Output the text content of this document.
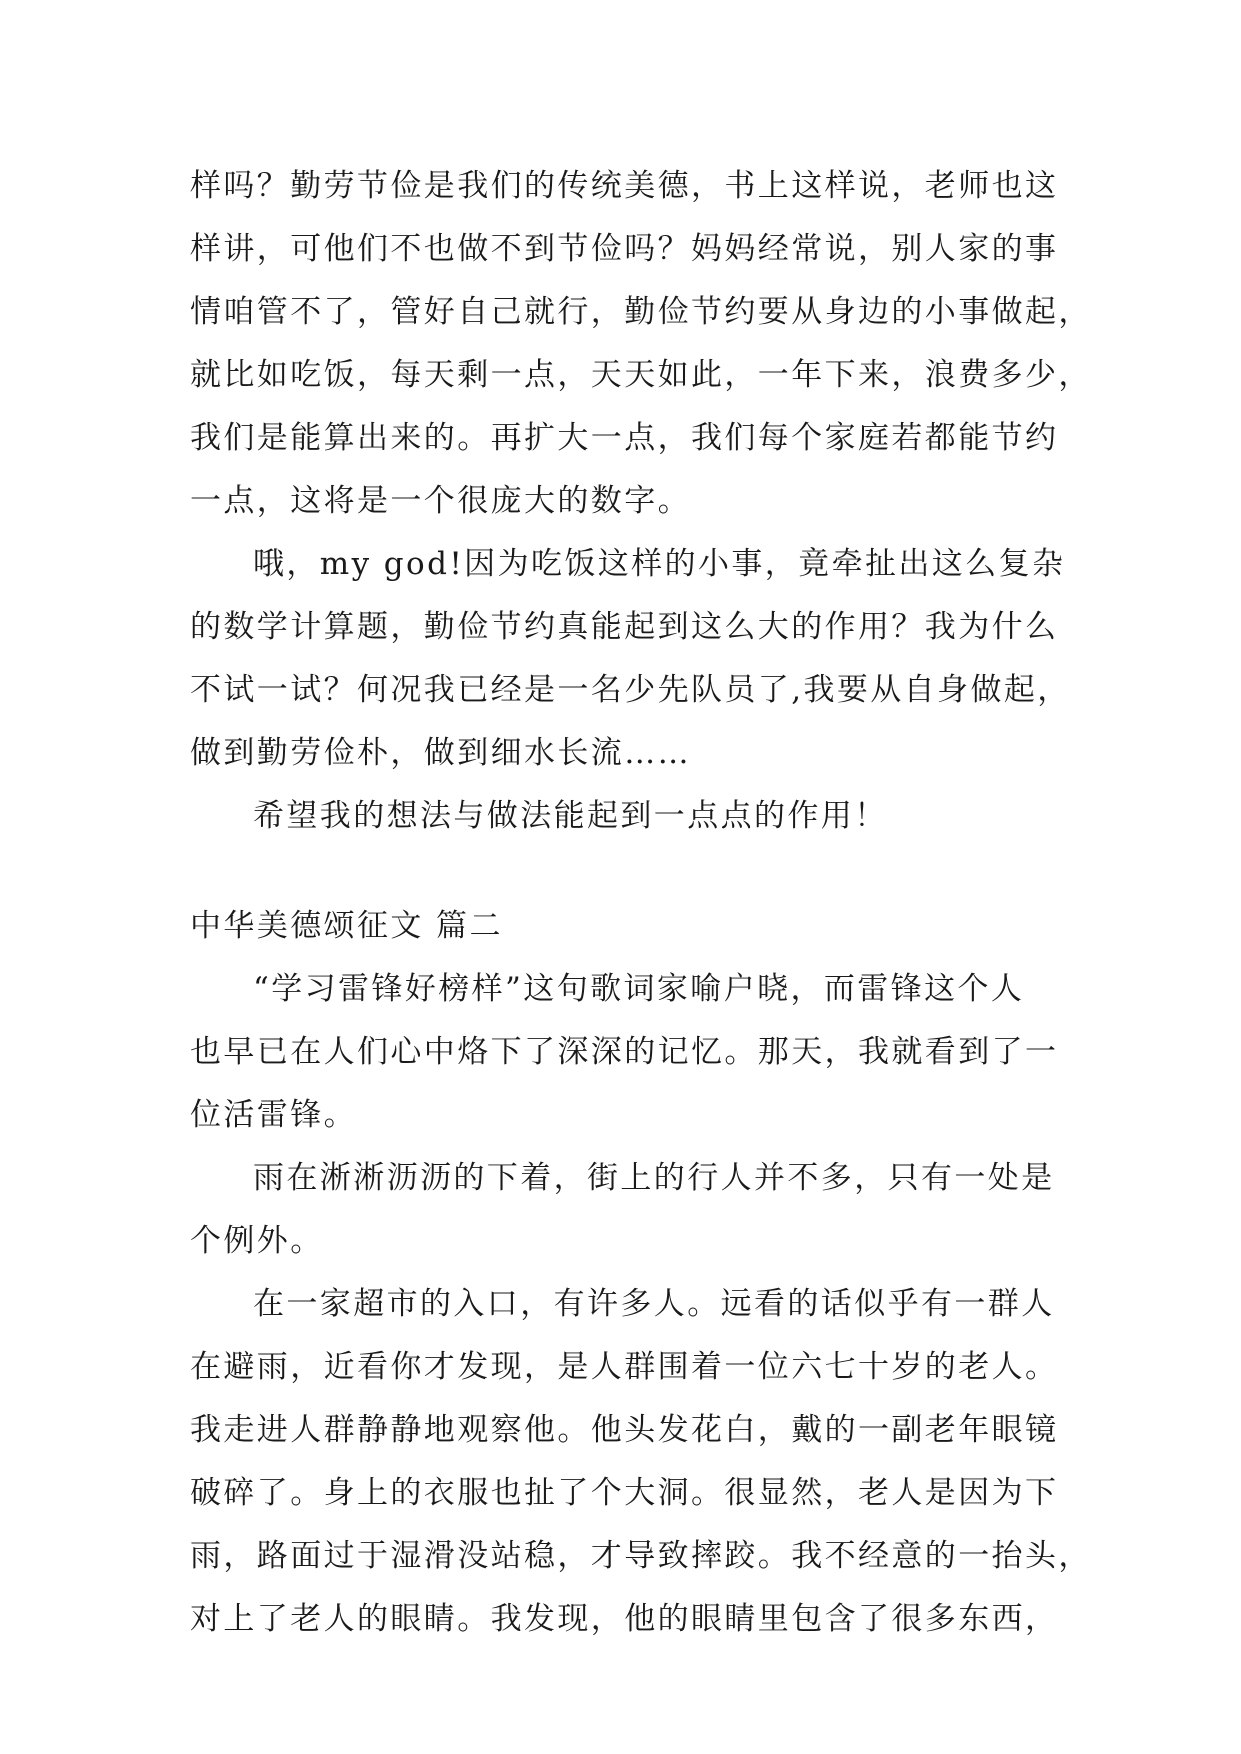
样吗？勤劳节俭是我们的传统美德，书上这样说，老师也这
样讲，可他们不也做不到节俭吗？妈妈经常说，别人家的事
情咱管不了，管好自己就行，勤俭节约要从身边的小事做起，
就比如吃饭，每天剩一点，天天如此，一年下来，浪费多少，
我们是能算出来的。再扩大一点，我们每个家庭若都能节约
一点，这将是一个很庞大的数字。
哦，my god!因为吃饭这样的小事，竟牵扯出这么复杂
的数学计算题，勤俭节约真能起到这么大的作用？我为什么
不试一试？何况我已经是一名少先队员了,我要从自身做起，
做到勤劳俭朴，做到细水长流……
希望我的想法与做法能起到一点点的作用！
中华美德颂征文 篇二
“学习雷锋好榜样”这句歌词家喻户晓，而雷锋这个人
也早已在人们心中烙下了深深的记忆。那天，我就看到了一
位活雷锋。
雨在淅淅沥沥的下着，街上的行人并不多，只有一处是
个例外。
在一家超市的入口，有许多人。远看的话似乎有一群人
在避雨，近看你才发现，是人群围着一位六七十岁的老人。
我走进人群静静地观察他。他头发花白，戴的一副老年眼镜
破碎了。身上的衣服也扯了个大洞。很显然，老人是因为下
雨，路面过于湿滑没站稳，才导致摔跤。我不经意的一抬头，
对上了老人的眼睛。我发现，他的眼睛里包含了很多东西，
